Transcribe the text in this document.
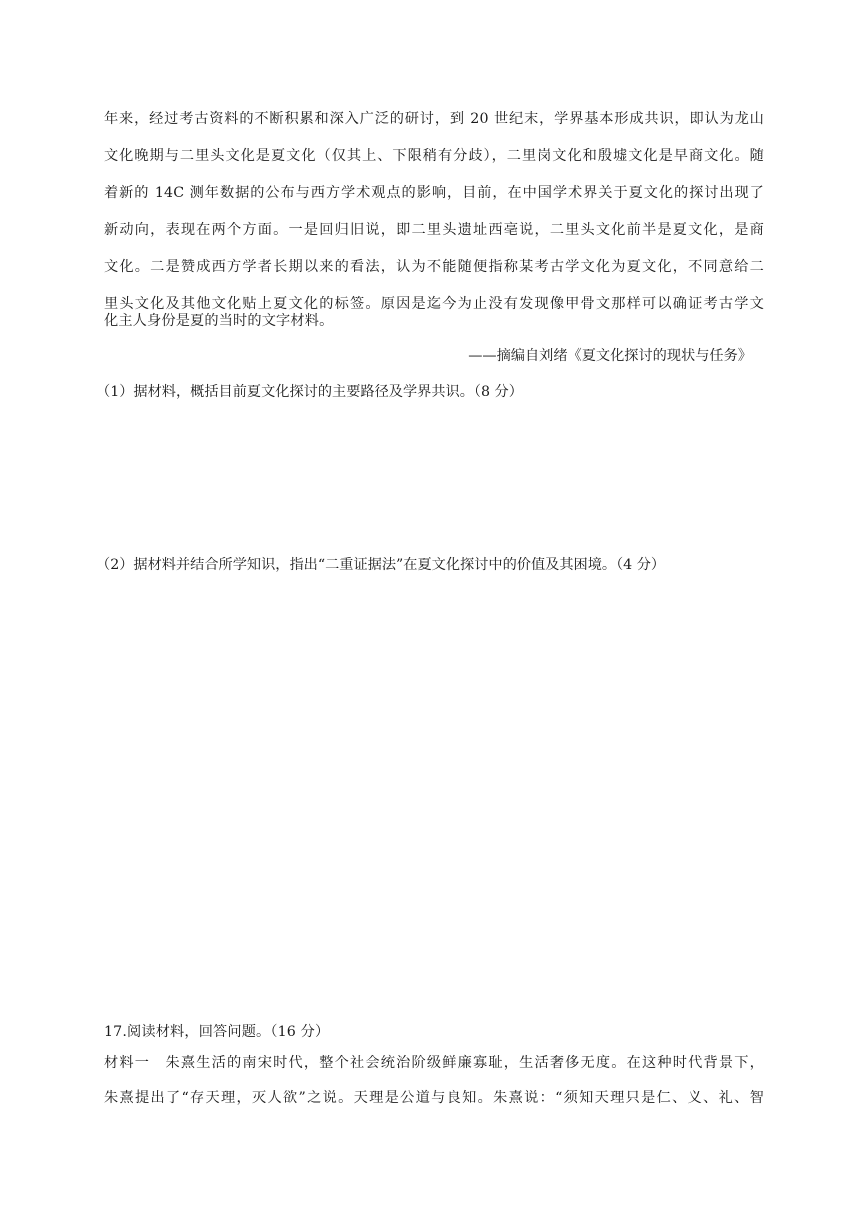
年来，经过考古资料的不断积累和深入广泛的研讨，到 20 世纪末，学界基本形成共识，即认为龙山
文化晚期与二里头文化是夏文化（仅其上、下限稍有分歧），二里岗文化和殷墟文化是早商文化。随
着新的 14C 测年数据的公布与西方学术观点的影响，目前，在中国学术界关于夏文化的探讨出现了
新动向，表现在两个方面。一是回归旧说，即二里头遗址西亳说，二里头文化前半是夏文化，是商
文化。二是赞成西方学者长期以来的看法，认为不能随便指称某考古学文化为夏文化，不同意给二
里头文化及其他文化贴上夏文化的标签。原因是迄今为止没有发现像甲骨文那样可以确证考古学文
化主人身份是夏的当时的文字材料。
——摘编自刘绪《夏文化探讨的现状与任务》
（1）据材料，概括目前夏文化探讨的主要路径及学界共识。（8 分）
（2）据材料并结合所学知识，指出“二重证据法”在夏文化探讨中的价值及其困境。（4 分）
17.阅读材料，回答问题。（16 分）
材料一　朱熹生活的南宋时代，整个社会统治阶级鲜廉寡耻，生活奢侈无度。在这种时代背景下，
朱熹提出了“存天理，灭人欲”之说。天理是公道与良知。朱熹说：“须知天理只是仁、义、礼、智
